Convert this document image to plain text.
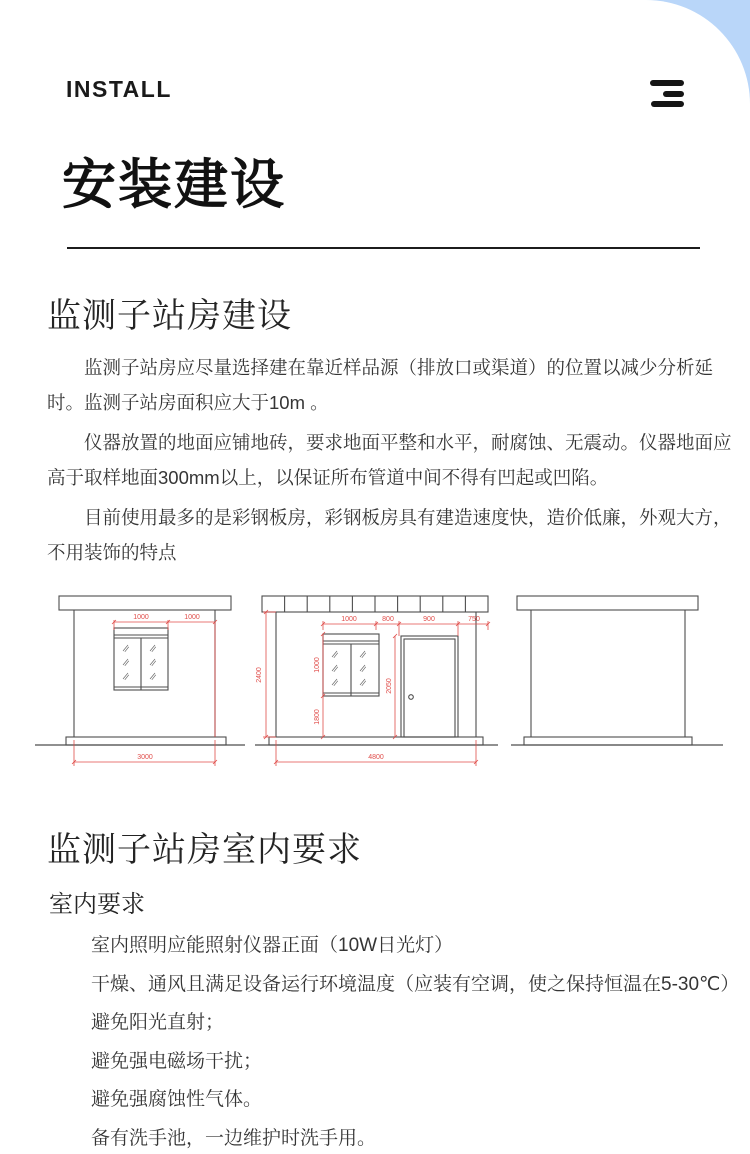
INSTALL
安装建设
监测子站房建设
监测子站房应尽量选择建在靠近样品源（排放口或渠道）的位置以减少分析延
时。监测子站房面积应大于10m 。
仪器放置的地面应铺地砖，要求地面平整和水平，耐腐蚀、无震动。仪器地面应
高于取样地面300mm以上，以保证所布管道中间不得有凹起或凹陷。
目前使用最多的是彩钢板房，彩钢板房具有建造速度快，造价低廉，外观大方，
不用装饰的特点
1000	1000
3000
2400
1000	800	900	750
1000
1800
2050
4800
监测子站房室内要求
室内要求
室内照明应能照射仪器正面（10W日光灯）
干燥、通风且满足设备运行环境温度（应装有空调，使之保持恒温在5-30℃）
避免阳光直射；
避免强电磁场干扰；
避免强腐蚀性气体。
备有洗手池，一边维护时洗手用。
